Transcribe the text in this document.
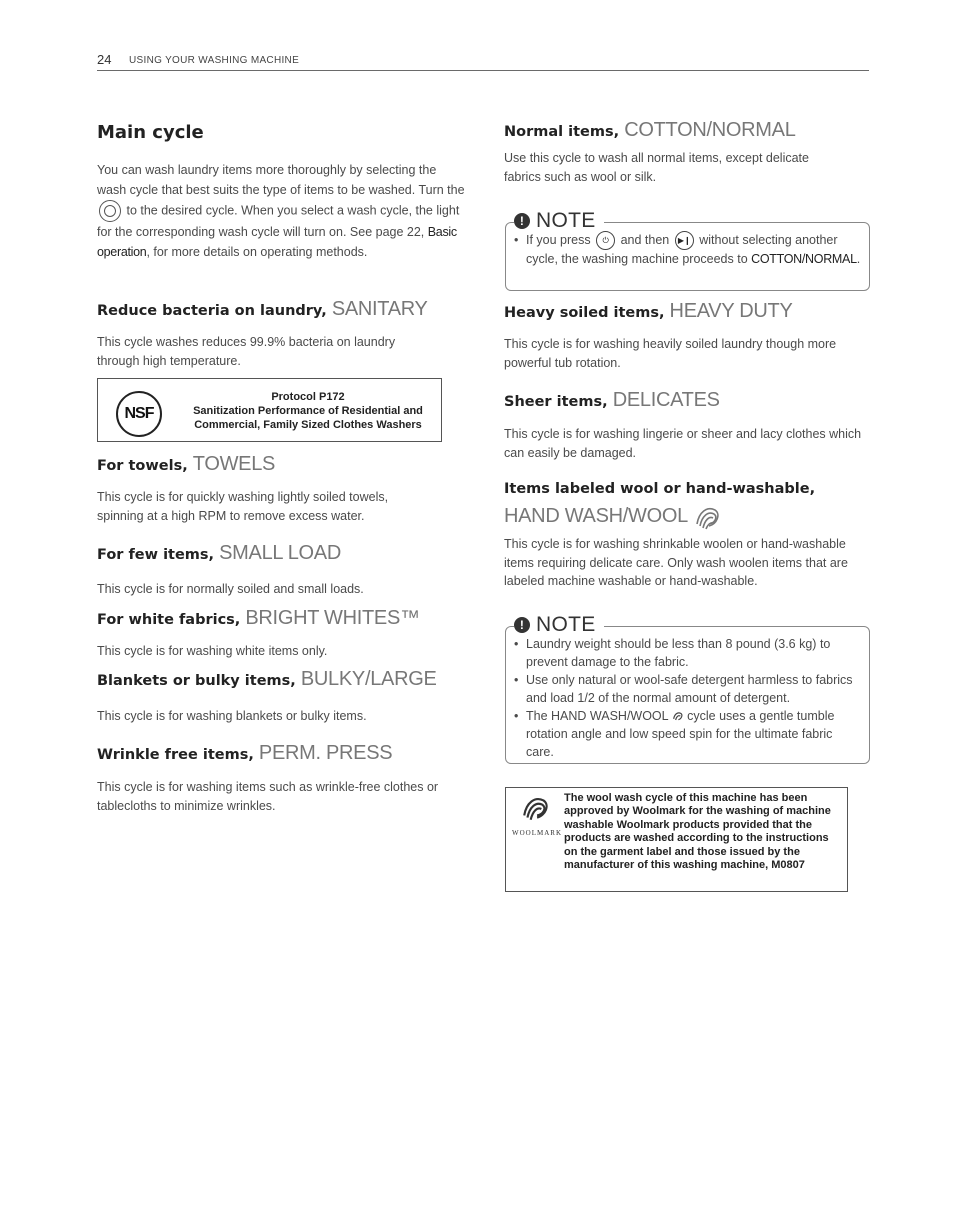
24 USING YOUR WASHING MACHINE
Main cycle
You can wash laundry items more thoroughly by selecting the wash cycle that best suits the type of items to be washed. Turn the  to the desired cycle. When you select a wash cycle, the light for the corresponding wash cycle will turn on. See page 22, Basic operation, for more details on operating methods.
Reduce bacteria on laundry, SANITARY
This cycle washes reduces 99.9% bacteria on laundry through high temperature.
For towels, TOWELS
This cycle is for quickly washing lightly soiled towels, spinning at a high RPM to remove excess water.
For few items, SMALL LOAD
This cycle is for normally soiled and small loads.
For white fabrics, BRIGHT WHITES™
This cycle is for washing white items only.
Blankets or bulky items, BULKY/LARGE
This cycle is for washing blankets or bulky items.
Wrinkle free items, PERM. PRESS
This cycle is for washing items such as wrinkle-free clothes or tablecloths to minimize wrinkles.
NSF
Protocol P172
Sanitization Performance of Residential and Commercial, Family Sized Clothes Washers
Normal items, COTTON/NORMAL
Use this cycle to wash all normal items, except delicate fabrics such as wool or silk.
Heavy soiled items, HEAVY DUTY
This cycle is for washing heavily soiled laundry though more powerful tub rotation.
Sheer items, DELICATES
This cycle is for washing lingerie or sheer and lacy clothes which can easily be damaged.
Items labeled wool or hand-washable,
HAND WASH/WOOL
This cycle is for washing shrinkable woolen or hand-washable items requiring delicate care. Only wash woolen items that are labeled machine washable or hand-washable.
! NOTE
• If you press ⏻ and then ▶❙ without selecting another cycle, the washing machine proceeds to COTTON/NORMAL.
! NOTE
• Laundry weight should be less than 8 pound (3.6 kg) to prevent damage to the fabric.
• Use only natural or wool-safe detergent harmless to fabrics and load 1/2 of the normal amount of detergent.
• The HAND WASH/WOOL cycle uses a gentle tumble rotation angle and low speed spin for the ultimate fabric care.
WOOLMARK
The wool wash cycle of this machine has been approved by Woolmark for the washing of machine washable Woolmark products provided that the products are washed according to the instructions on the garment label and those issued by the manufacturer of this washing machine, M0807
